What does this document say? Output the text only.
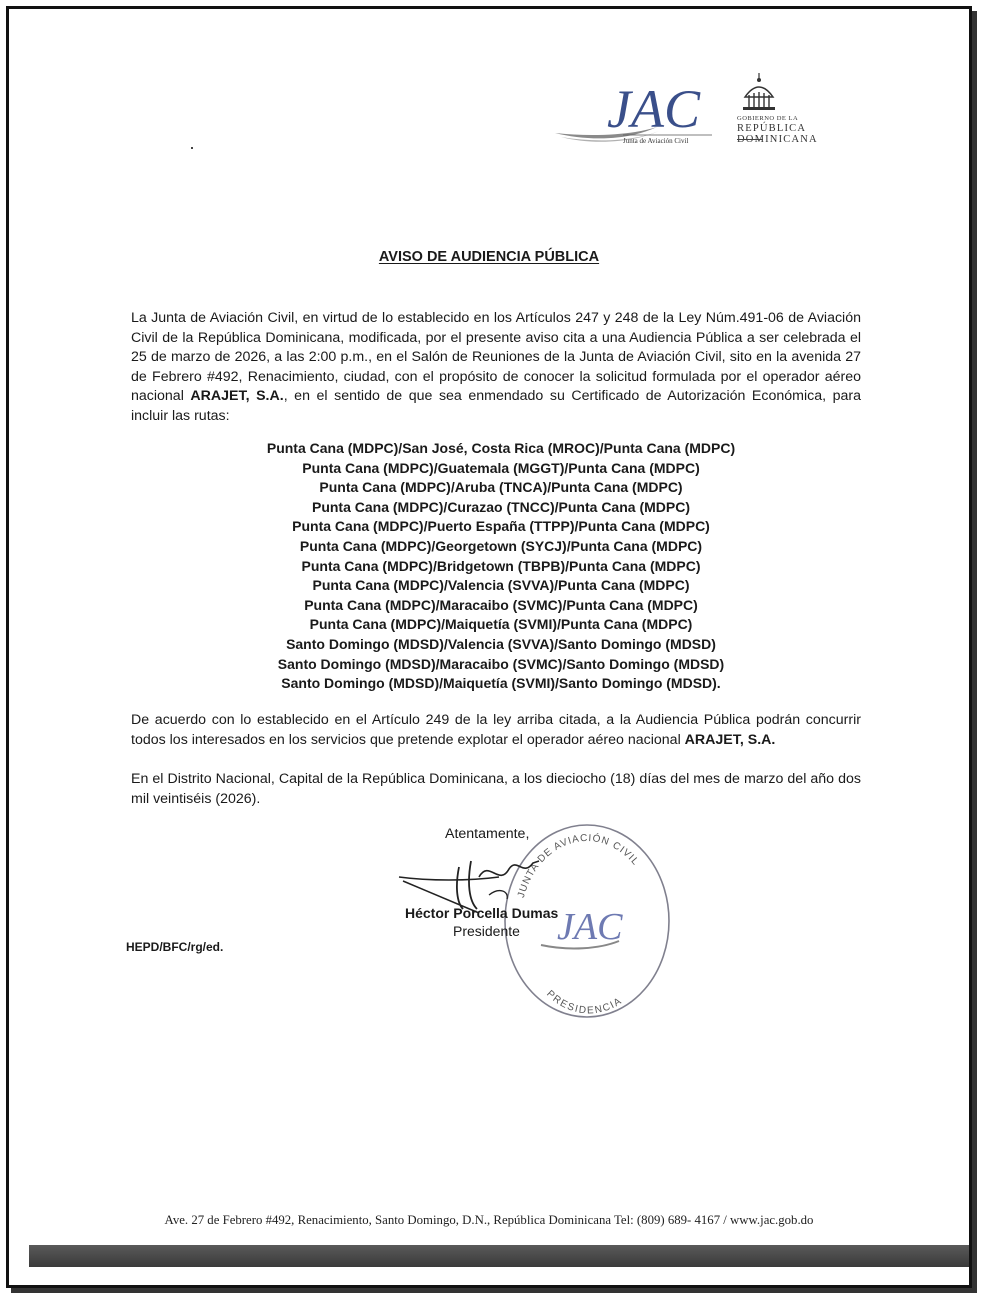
JAC
Junta de Aviación Civil
GOBIERNO DE LA
REPÚBLICA DOMINICANA
AVISO DE AUDIENCIA PÚBLICA
La Junta de Aviación Civil, en virtud de lo establecido en los Artículos 247 y 248 de la Ley Núm.491-06 de Aviación Civil de la República Dominicana, modificada, por el presente aviso cita a una Audiencia Pública a ser celebrada el 25 de marzo de 2026, a las 2:00 p.m., en el Salón de Reuniones de la Junta de Aviación Civil, sito en la avenida 27 de Febrero #492, Renacimiento, ciudad, con el propósito de conocer la solicitud formulada por el operador aéreo nacional ARAJET, S.A., en el sentido de que sea enmendado su Certificado de Autorización Económica, para incluir las rutas:
Punta Cana (MDPC)/San José, Costa Rica (MROC)/Punta Cana (MDPC)
Punta Cana (MDPC)/Guatemala (MGGT)/Punta Cana (MDPC)
Punta Cana (MDPC)/Aruba (TNCA)/Punta Cana (MDPC)
Punta Cana (MDPC)/Curazao (TNCC)/Punta Cana (MDPC)
Punta Cana (MDPC)/Puerto España (TTPP)/Punta Cana (MDPC)
Punta Cana (MDPC)/Georgetown (SYCJ)/Punta Cana (MDPC)
Punta Cana (MDPC)/Bridgetown (TBPB)/Punta Cana (MDPC)
Punta Cana (MDPC)/Valencia (SVVA)/Punta Cana (MDPC)
Punta Cana (MDPC)/Maracaibo (SVMC)/Punta Cana (MDPC)
Punta Cana (MDPC)/Maiquetía (SVMI)/Punta Cana (MDPC)
Santo Domingo (MDSD)/Valencia (SVVA)/Santo Domingo (MDSD)
Santo Domingo (MDSD)/Maracaibo (SVMC)/Santo Domingo (MDSD)
Santo Domingo (MDSD)/Maiquetía (SVMI)/Santo Domingo (MDSD).
De acuerdo con lo establecido en el Artículo 249 de la ley arriba citada, a la Audiencia Pública podrán concurrir todos los interesados en los servicios que pretende explotar el operador aéreo nacional ARAJET, S.A.
En el Distrito Nacional, Capital de la República Dominicana, a los dieciocho (18) días del mes de marzo del año dos mil veintiséis (2026).
Atentamente,
JUNTA DE AVIACIÓN CIVIL
JAC
PRESIDENCIA
Héctor Porcella Dumas
Presidente
HEPD/BFC/rg/ed.
Ave. 27 de Febrero #492, Renacimiento, Santo Domingo, D.N., República Dominicana Tel: (809) 689- 4167 / www.jac.gob.do
